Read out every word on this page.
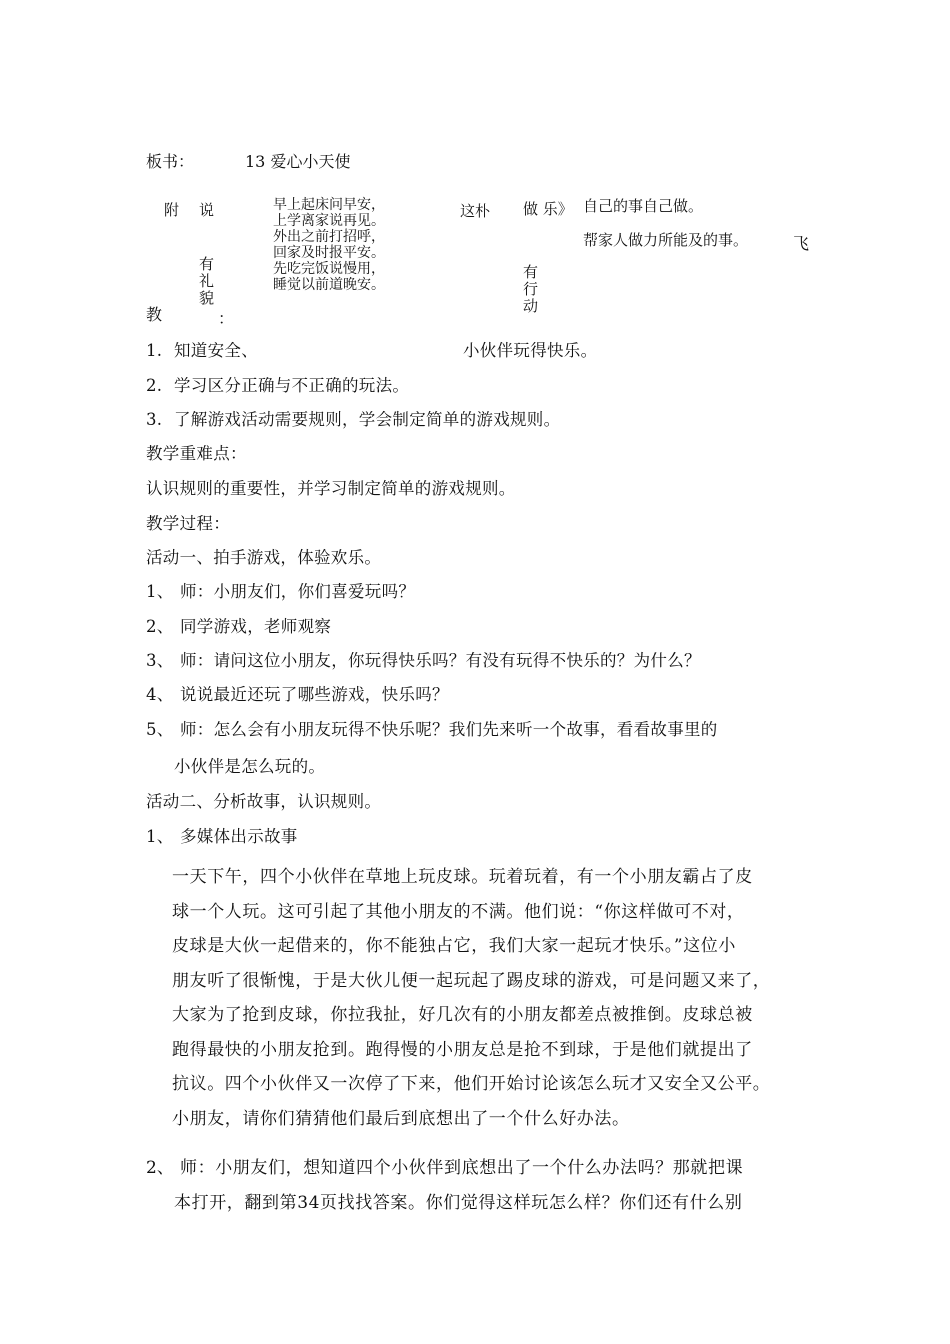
板书：	13 爱心小天使
附 说
有
礼
貌
早上起床问早安，
上学离家说再见。
外出之前打招呼，
回家及时报平安。
先吃完饭说慢用，
睡觉以前道晚安。
这朴 做 乐》
有
行
动
自己的事自己做。
帮家人做力所能及的事。	飞
教	：
1. 知道安全、	小伙伴玩得快乐。
2. 学习区分正确与不正确的玩法。
3. 了解游戏活动需要规则，学会制定简单的游戏规则。
教学重难点：
认识规则的重要性，并学习制定简单的游戏规则。
教学过程：
活动一、拍手游戏，体验欢乐。
1、 师：小朋友们，你们喜爱玩吗？
2、 同学游戏，老师观察
3、 师：请问这位小朋友，你玩得快乐吗？有没有玩得不快乐的？为什么？
4、 说说最近还玩了哪些游戏，快乐吗？
5、 师：怎么会有小朋友玩得不快乐呢？我们先来听一个故事，看看故事里的
小伙伴是怎么玩的。
活动二、分析故事，认识规则。
1、 多媒体出示故事
一天下午，四个小伙伴在草地上玩皮球。玩着玩着，有一个小朋友霸占了皮
球一个人玩。这可引起了其他小朋友的不满。他们说：“你这样做可不对，
皮球是大伙一起借来的，你不能独占它，我们大家一起玩才快乐。”这位小
朋友听了很惭愧，于是大伙儿便一起玩起了踢皮球的游戏，可是问题又来了，
大家为了抢到皮球，你拉我扯，好几次有的小朋友都差点被推倒。皮球总被
跑得最快的小朋友抢到。跑得慢的小朋友总是抢不到球，于是他们就提出了
抗议。四个小伙伴又一次停了下来，他们开始讨论该怎么玩才又安全又公平。
小朋友，请你们猜猜他们最后到底想出了一个什么好办法。
2、 师：小朋友们，想知道四个小伙伴到底想出了一个什么办法吗？那就把课
本打开，翻到第34页找找答案。你们觉得这样玩怎么样？你们还有什么别
